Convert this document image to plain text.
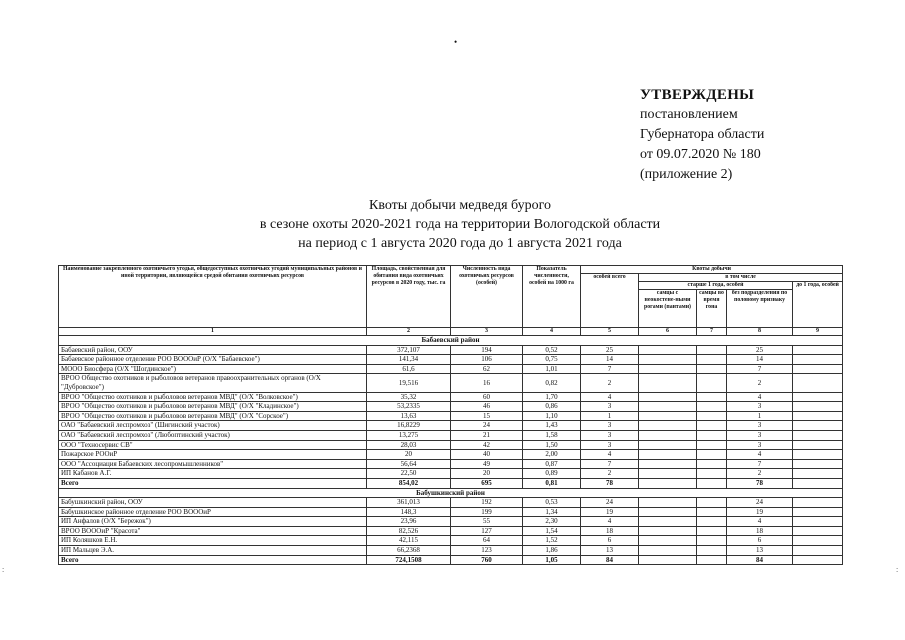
•
УТВЕРЖДЕНЫ
постановлением
Губернатора области
от 09.07.2020 № 180
(приложение 2)
Квоты добычи медведя бурого
в сезоне охоты 2020-2021 года на территории Вологодской области
на период с 1 августа 2020 года до 1 августа 2021 года
Наименование закрепленного охотничьего угодья, общедоступных охотничьих угодий муниципальных районов и иной территории, являющейся средой обитания охотничьих ресурсов	Площадь, свойственная для обитания вида охотничьих ресурсов в 2020 году, тыс. га	Численность вида охотничьих ресурсов (особей)	Показатель численности, особей на 1000 га	Квоты добычи				
				особей всего	в том числе			
					старше 1 года, особей			до 1 года, особей
					самцы с неокостене-ными рогами (пантами)	самцы во время гона	без подразделения по половому признаку	
1	2	3	4	5	6	7	8	9
Бабаевский район								
Бабаевский район, ООУ	372,107	194	0,52	25			25	
Бабаевское районное отделение РОО ВОООиР (О/Х "Бабаевское")	141,34	106	0,75	14			14	
МООО Биосфера (О/Х "Шогдинское")	61,6	62	1,01	7			7	
ВРОО Общество охотников и рыболовов ветеранов правоохранительных органов (О/Х "Дубровское")	19,516	16	0,82	2			2	
ВРОО "Общество охотников и рыболовов ветеранов МВД" (О/Х "Волковское")	35,32	60	1,70	4			4	
ВРОО "Общество охотников и рыболовов ветеранов МВД" (О/Х "Кладинское")	53,2335	46	0,86	3			3	
ВРОО "Общество охотников и рыболовов ветеранов МВД" (О/Х "Сорское")	13,63	15	1,10	1			1	
ОАО "Бабаевский леспромхоз" (Шигинский участок)	16,8229	24	1,43	3			3	
ОАО "Бабаевский леспромхоз" (Любоптинский участок)	13,275	21	1,58	3			3	
ООО "Техносервис СВ"	28,03	42	1,50	3			3	
Пожарское РООиР	20	40	2,00	4			4	
ООО "Ассоциация Бабаевских лесопромышленников"	56,64	49	0,87	7			7	
ИП Кабанов А.Г.	22,50	20	0,89	2			2	
Всего	854,02	695	0,81	78			78	
Бабушкинский район								
Бабушкинский район, ООУ	361,013	192	0,53	24			24	
Бабушкинское районное отделение РОО ВОООиР	148,3	199	1,34	19			19	
ИП Анфалов (О/Х "Бережок")	23,96	55	2,30	4			4	
ВРОО ВОООиР "Красота"	82,526	127	1,54	18			18	
ИП Коляшков Е.Н.	42,115	64	1,52	6			6	
ИП Мальцев Э.А.	66,2368	123	1,86	13			13	
Всего	724,1508	760	1,05	84			84	
:	:
